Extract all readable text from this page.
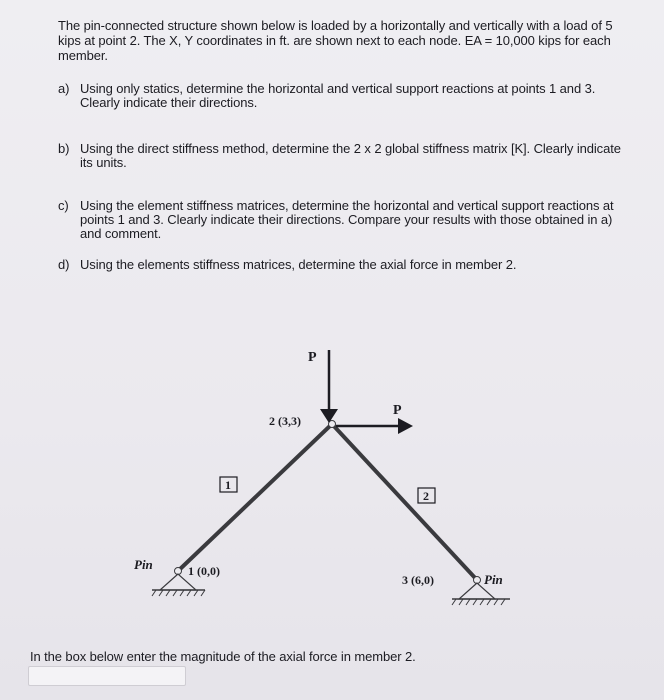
The pin-connected structure shown below is loaded by a horizontally and vertically with a load of 5 kips at point 2. The X, Y coordinates in ft. are shown next to each node. EA = 10,000 kips for each member.
a) Using only statics, determine the horizontal and vertical support reactions at points 1 and 3. Clearly indicate their directions.
b) Using the direct stiffness method, determine the 2 x 2 global stiffness matrix [K]. Clearly indicate its units.
c) Using the element stiffness matrices, determine the horizontal and vertical support reactions at points 1 and 3. Clearly indicate their directions. Compare your results with those obtained in a) and comment.
d) Using the elements stiffness matrices, determine the axial force in member 2.
P
P
2 (3,3)
1
2
Pin	1 (0,0)
3 (6,0)	Pin
In the box below enter the magnitude of the axial force in member 2.
